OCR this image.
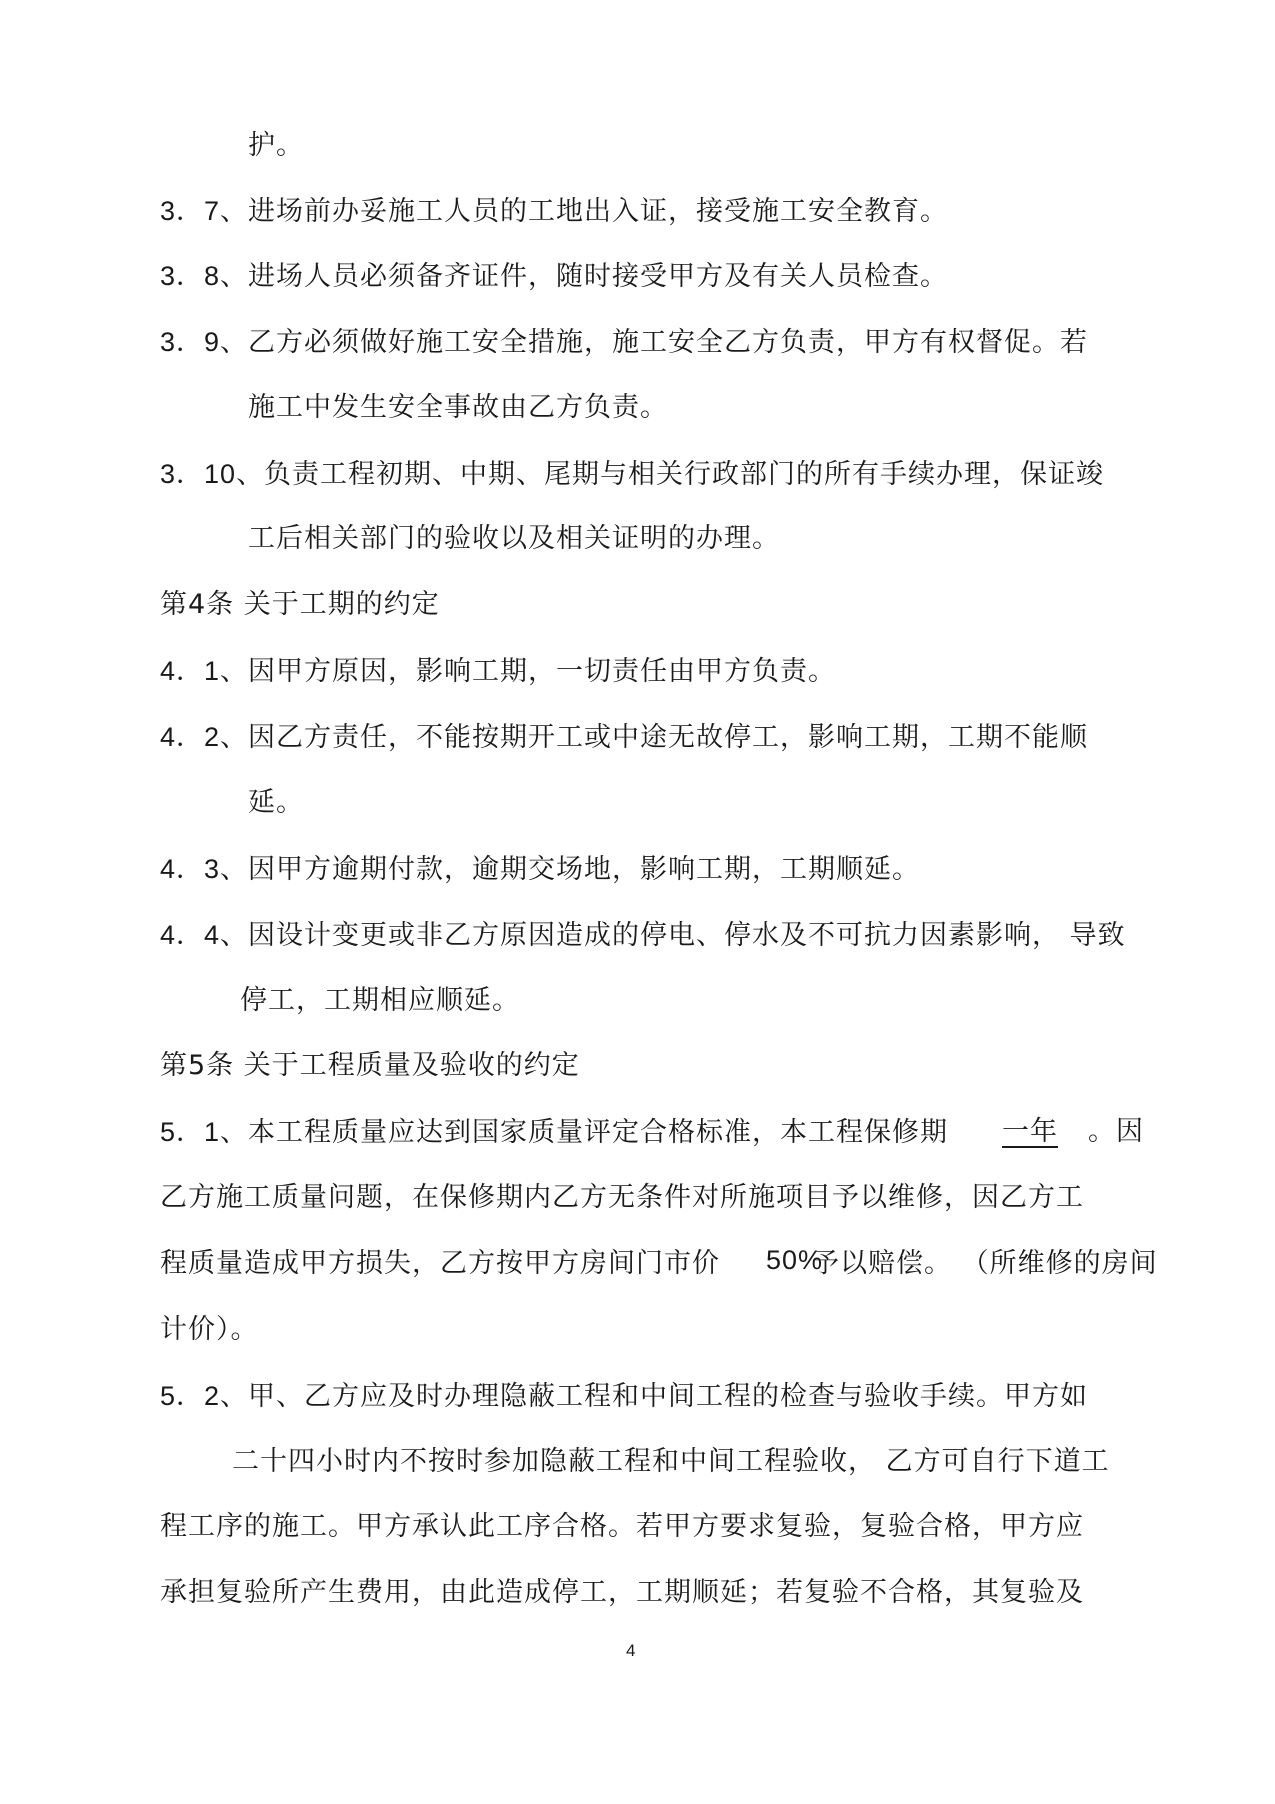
护。
3．7、进场前办妥施工人员的工地出入证，接受施工安全教育。
3．8、进场人员必须备齐证件，随时接受甲方及有关人员检查。
3．9、乙方必须做好施工安全措施，施工安全乙方负责，甲方有权督促。若
施工中发生安全事故由乙方负责。
3．10、负责工程初期、中期、尾期与相关行政部门的所有手续办理，保证竣
工后相关部门的验收以及相关证明的办理。
第4条 关于工期的约定
4．1、因甲方原因，影响工期，一切责任由甲方负责。
4．2、因乙方责任，不能按期开工或中途无故停工，影响工期，工期不能顺
延。
4．3、因甲方逾期付款，逾期交场地，影响工期，工期顺延。
4．4、因设计变更或非乙方原因造成的停电、停水及不可抗力因素影响， 导致
停工，工期相应顺延。
第5条 关于工程质量及验收的约定
5．1、本工程质量应达到国家质量评定合格标准，本工程保修期 一年 。因
乙方施工质量问题，在保修期内乙方无条件对所施项目予以维修，因乙方工
程质量造成甲方损失，乙方按甲方房间门市价 50%
予以赔偿。 （所维修的房间
计价）。
5．2、甲、乙方应及时办理隐蔽工程和中间工程的检查与验收手续。甲方如
二十四小时内不按时参加隐蔽工程和中间工程验收， 乙方可自行下道工
程工序的施工。甲方承认此工序合格。若甲方要求复验，复验合格，甲方应
承担复验所产生费用，由此造成停工，工期顺延；若复验不合格，其复验及
4
